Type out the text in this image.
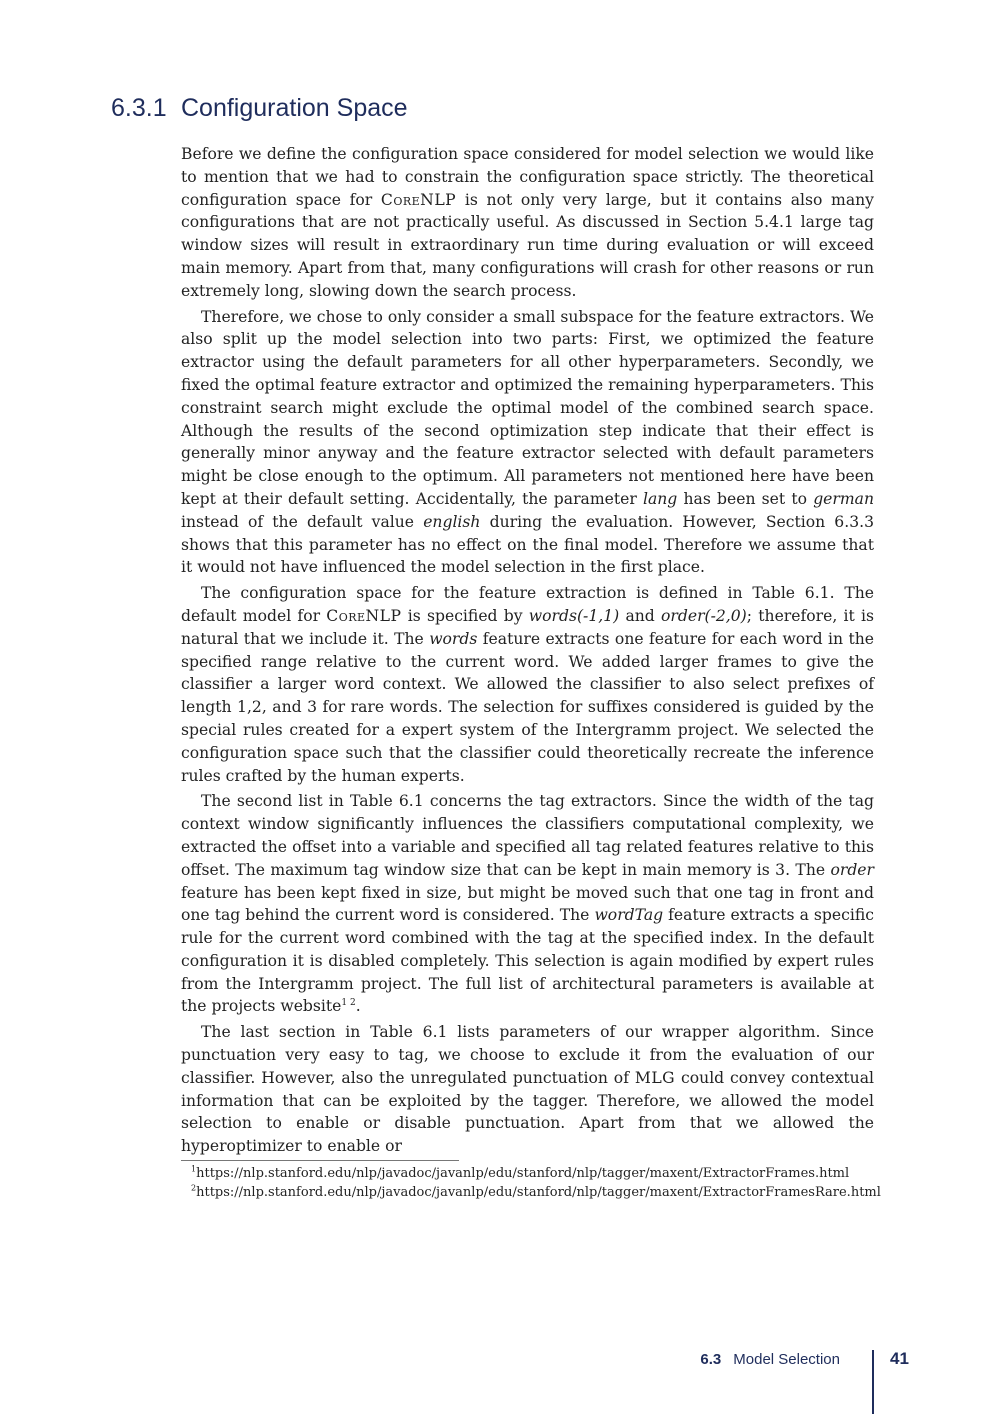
6.3.1 Configuration Space

Before we define the configuration space considered for model selection we would like to mention that we had to constrain the configuration space strictly. The theoretical configuration space for CoreNLP is not only very large, but it contains also many configurations that are not practically useful. As discussed in Section 5.4.1 large tag window sizes will result in extraordinary run time during evaluation or will exceed main memory. Apart from that, many configurations will crash for other reasons or run extremely long, slowing down the search process.

Therefore, we chose to only consider a small subspace for the feature extractors. We also split up the model selection into two parts: First, we optimized the feature extractor using the default parameters for all other hyperparameters. Secondly, we fixed the optimal feature extractor and optimized the remaining hyperparameters. This constraint search might exclude the optimal model of the combined search space. Although the results of the second optimization step indicate that their effect is generally minor anyway and the feature extractor selected with default parameters might be close enough to the optimum. All parameters not mentioned here have been kept at their default setting. Accidentally, the parameter lang has been set to german instead of the default value english during the evaluation. However, Section 6.3.3 shows that this parameter has no effect on the final model. Therefore we assume that it would not have influenced the model selection in the first place.

The configuration space for the feature extraction is defined in Table 6.1. The default model for CoreNLP is specified by words(-1,1) and order(-2,0); therefore, it is natural that we include it. The words feature extracts one feature for each word in the specified range relative to the current word. We added larger frames to give the classifier a larger word context. We allowed the classifier to also select prefixes of length 1,2, and 3 for rare words. The selection for suffixes considered is guided by the special rules created for a expert system of the Intergramm project. We selected the configuration space such that the classifier could theoretically recreate the inference rules crafted by the human experts.

The second list in Table 6.1 concerns the tag extractors. Since the width of the tag context window significantly influences the classifiers computational complexity, we extracted the offset into a variable and specified all tag related features relative to this offset. The maximum tag window size that can be kept in main memory is 3. The order feature has been kept fixed in size, but might be moved such that one tag in front and one tag behind the current word is considered. The wordTag feature extracts a specific rule for the current word combined with the tag at the specified index. In the default configuration it is disabled completely. This selection is again modified by expert rules from the Intergramm project. The full list of architectural parameters is available at the projects website$^{1 2}$.

The last section in Table 6.1 lists parameters of our wrapper algorithm. Since punctuation very easy to tag, we choose to exclude it from the evaluation of our classifier. However, also the unregulated punctuation of MLG could convey contextual information that can be exploited by the tagger. Therefore, we allowed the model selection to enable or disable punctuation. Apart from that we allowed the hyperoptimizer to enable or

$^1$https://nlp.stanford.edu/nlp/javadoc/javanlp/edu/stanford/nlp/tagger/maxent/ExtractorFrames.html
$^2$https://nlp.stanford.edu/nlp/javadoc/javanlp/edu/stanford/nlp/tagger/maxent/ExtractorFramesRare.html
6.3 Model Selection	41
